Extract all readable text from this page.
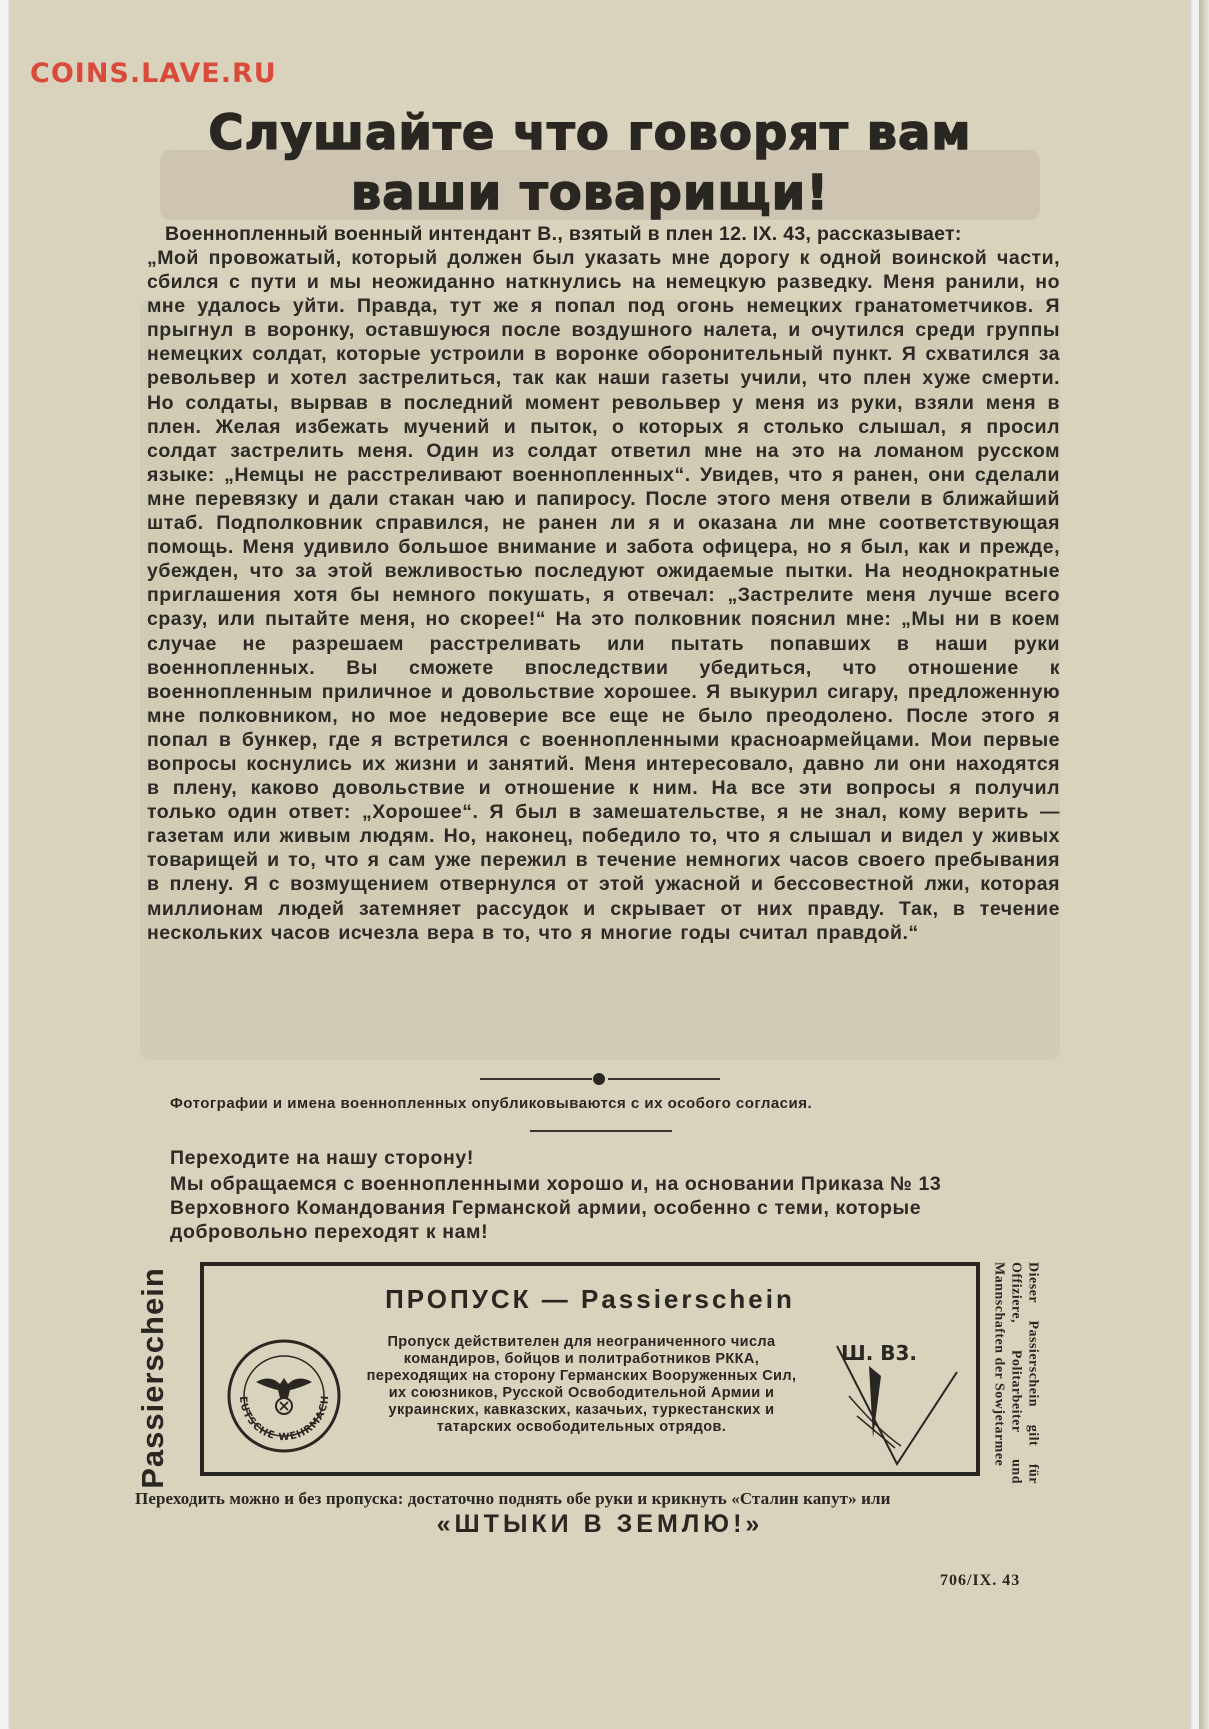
COINS.LAVE.RU
Слушайте что говорят вам
ваши товарищи!
Военнопленный военный интендант В., взятый в плен 12. IX. 43, рассказывает:
„Мой провожатый, который должен был указать мне дорогу к одной воинской части, сбился с пути и мы неожиданно наткнулись на немецкую разведку. Меня ранили, но мне удалось уйти. Правда, тут же я попал под огонь немецких гранатометчиков. Я прыгнул в воронку, оставшуюся после воздушного налета, и очутился среди группы немецких солдат, которые устроили в воронке оборонительный пункт. Я схватился за револьвер и хотел застрелиться, так как наши газеты учили, что плен хуже смерти. Но солдаты, вырвав в последний момент револьвер у меня из руки, взяли меня в плен. Желая избежать мучений и пыток, о которых я столько слышал, я просил солдат застрелить меня. Один из солдат ответил мне на это на ломаном русском языке: „Немцы не расстреливают военнопленных“. Увидев, что я ранен, они сделали мне перевязку и дали стакан чаю и папиросу. После этого меня отвели в ближайший штаб. Подполковник справился, не ранен ли я и оказана ли мне соответствующая помощь. Меня удивило большое внимание и забота офицера, но я был, как и прежде, убежден, что за этой вежливостью последуют ожидаемые пытки. На неоднократные приглашения хотя бы немного покушать, я отвечал: „Застрелите меня лучше всего сразу, или пытайте меня, но скорее!“ На это полковник пояснил мне: „Мы ни в коем случае не разрешаем расстреливать или пытать попавших в наши руки военнопленных. Вы сможете впоследствии убедиться, что отношение к военнопленным приличное и довольствие хорошее. Я выкурил сигару, предложенную мне полковником, но мое недоверие все еще не было преодолено. После этого я попал в бункер, где я встретился с военнопленными красноармейцами. Мои первые вопросы коснулись их жизни и занятий. Меня интересовало, давно ли они находятся в плену, каково довольствие и отношение к ним. На все эти вопросы я получил только один ответ: „Хорошее“. Я был в замешательстве, я не знал, кому верить — газетам или живым людям. Но, наконец, победило то, что я слышал и видел у живых товарищей и то, что я сам уже пережил в течение немногих часов своего пребывания в плену. Я с возмущением отвернулся от этой ужасной и бессовестной лжи, которая миллионам людей затемняет рассудок и скрывает от них правду. Так, в течение нескольких часов исчезла вера в то, что я многие годы считал правдой.“
Фотографии и имена военнопленных опубликовываются с их особого согласия.
Переходите на нашу сторону!
Мы обращаемся с военнопленными хорошо и, на основании Приказа № 13 Верховного Командования Германской армии, особенно с теми, которые добровольно переходят к нам!
Passierschein	ПРОПУСК — Passierschein
EUTSCHE WEHRMACH
Пропуск действителен для неограниченного числа командиров, бойцов и политработников РККА, переходящих на сторону Германских Вооруженных Сил, их союзников, Русской Освободительной Армии и украинских, кавказских, казачьих, туркестанских и татарских освободительных отрядов.
Ш. В3.	Dieser Passierschein gilt für Offiziere, Politarbeiter und Mannschaften der Sowjetarmee
Переходить можно и без пропуска: достаточно поднять обе руки и крикнуть «Сталин капут» или
«ШТЫКИ В ЗЕМЛЮ!»
706/IX. 43
